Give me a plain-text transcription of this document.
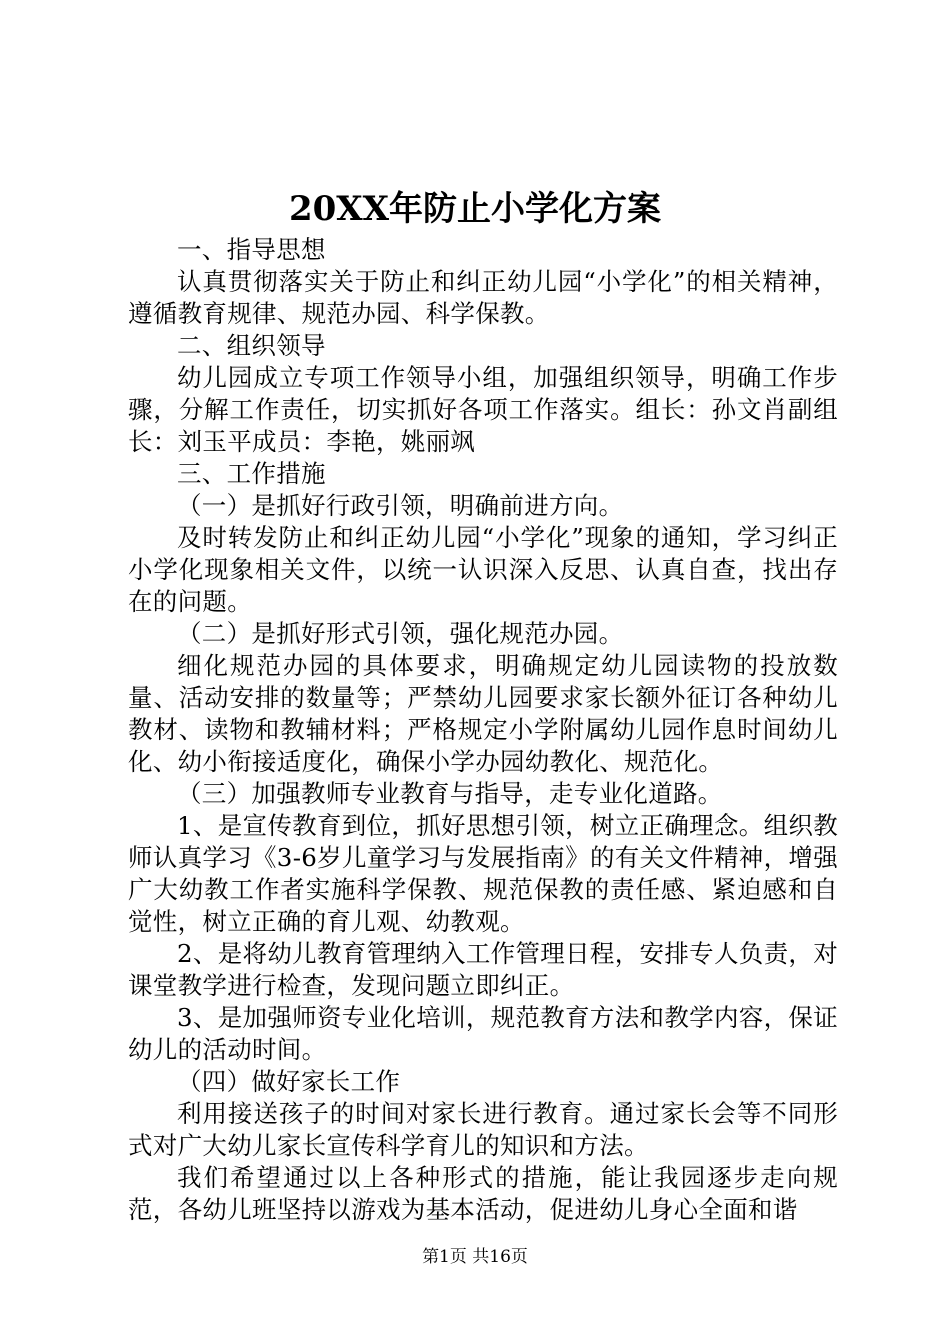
20XX年防止小学化方案

一、指导思想

认真贯彻落实关于防止和纠正幼儿园“小学化”的相关精神，遵循教育规律、规范办园、科学保教。

二、组织领导

幼儿园成立专项工作领导小组，加强组织领导，明确工作步骤，分解工作责任，切实抓好各项工作落实。组长：孙文肖副组长：刘玉平成员：李艳，姚丽飒

三、工作措施

（一）是抓好行政引领，明确前进方向。

及时转发防止和纠正幼儿园“小学化”现象的通知，学习纠正小学化现象相关文件，以统一认识深入反思、认真自查，找出存在的问题。

（二）是抓好形式引领，强化规范办园。

细化规范办园的具体要求，明确规定幼儿园读物的投放数量、活动安排的数量等；严禁幼儿园要求家长额外征订各种幼儿教材、读物和教辅材料；严格规定小学附属幼儿园作息时间幼儿化、幼小衔接适度化，确保小学办园幼教化、规范化。

（三）加强教师专业教育与指导，走专业化道路。

1、是宣传教育到位，抓好思想引领，树立正确理念。组织教师认真学习《3-6岁儿童学习与发展指南》的有关文件精神，增强广大幼教工作者实施科学保教、规范保教的责任感、紧迫感和自觉性，树立正确的育儿观、幼教观。

2、是将幼儿教育管理纳入工作管理日程，安排专人负责，对课堂教学进行检查，发现问题立即纠正。

3、是加强师资专业化培训，规范教育方法和教学内容，保证幼儿的活动时间。

（四）做好家长工作

利用接送孩子的时间对家长进行教育。通过家长会等不同形式对广大幼儿家长宣传科学育儿的知识和方法。

我们希望通过以上各种形式的措施，能让我园逐步走向规范，各幼儿班坚持以游戏为基本活动，促进幼儿身心全面和谐

第1页 共16页
